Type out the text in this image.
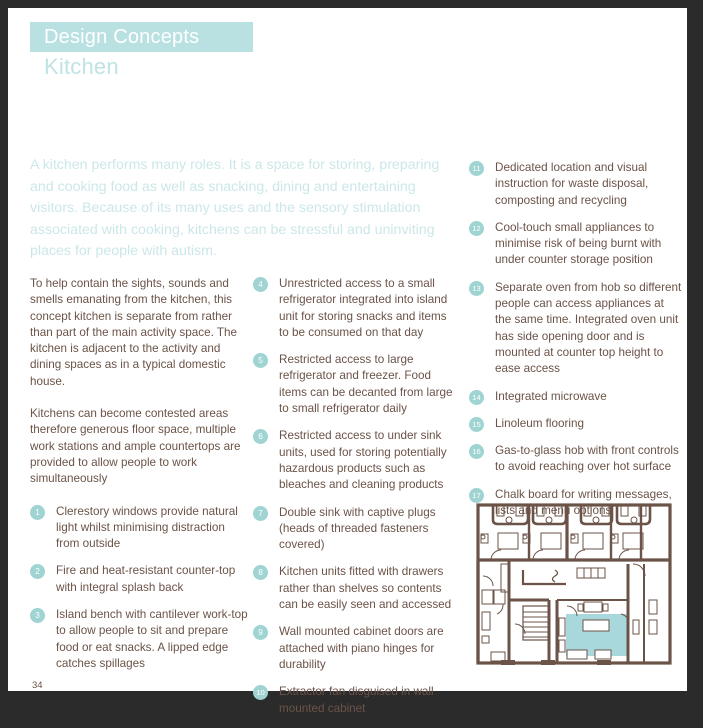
Design Concepts
Kitchen
A kitchen performs many roles. It is a space for storing, preparing and cooking food as well as snacking, dining and entertaining visitors. Because of its many uses and the sensory stimulation associated with cooking, kitchens can be stressful and uninviting places for people with autism.

To help contain the sights, sounds and smells emanating from the kitchen, this concept kitchen is separate from rather than part of the main activity space. The kitchen is adjacent to the activity and dining spaces as in a typical domestic house.

Kitchens can become contested areas therefore generous floor space, multiple work stations and ample countertops are provided to allow people to work simultaneously

1	Clerestory windows provide natural light whilst minimising distraction from outside
2	Fire and heat-resistant counter-top with integral splash back
3	Island bench with cantilever work-top to allow people to sit and prepare food or eat snacks. A lipped edge catches spillages
4	Unrestricted access to a small refrigerator integrated into island unit for storing snacks and items to be consumed on that day
5	Restricted access to large refrigerator and freezer. Food items can be decanted from large to small refrigerator daily
6	Restricted access to under sink units, used for storing potentially hazardous products such as bleaches and cleaning products
7	Double sink with captive plugs (heads of threaded fasteners covered)
8	Kitchen units fitted with drawers rather than shelves so contents can be easily seen and accessed
9	Wall mounted cabinet doors are attached with piano hinges for durability
10 Extractor fan disguised in wall mounted cabinet
11	Dedicated location and visual instruction for waste disposal, composting and recycling
12 Cool-touch small appliances to minimise risk of being burnt with under counter storage position
13 Separate oven from hob so different people can access appliances at the same time. Integrated oven unit has side opening door and is mounted at counter top height to ease access
14 Integrated microwave
15 Linoleum flooring
16 Gas-to-glass hob with front controls to avoid reaching over hot surface
17 Chalk board for writing messages, lists and menu options
34
